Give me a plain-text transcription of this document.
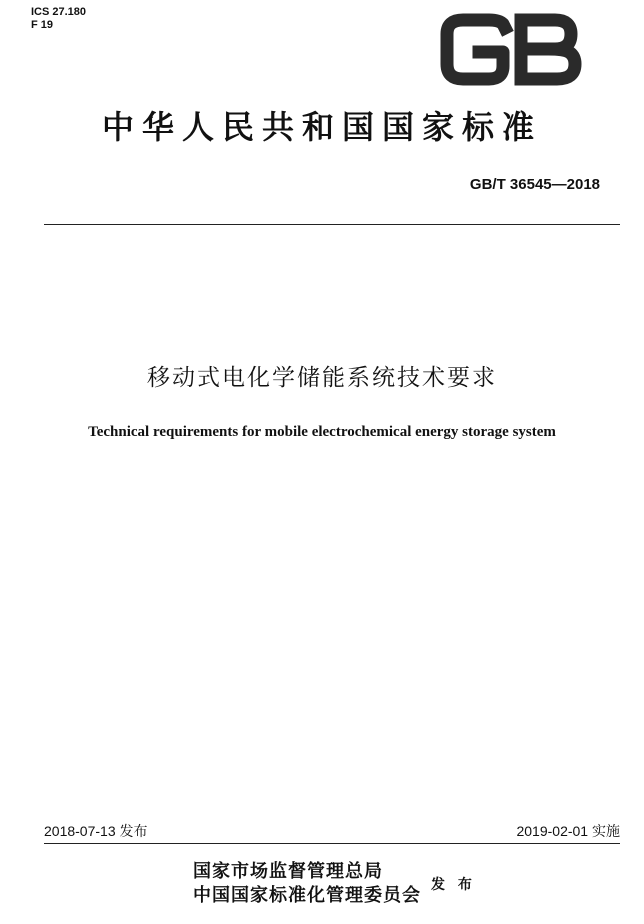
ICS 27.180
F 19
中华人民共和国国家标准
GB/T 36545—2018
移动式电化学储能系统技术要求
Technical requirements for mobile electrochemical energy storage system
2018-07-13 发布	2019-02-01 实施
国家市场监督管理总局
中国国家标准化管理委员会 发 布
